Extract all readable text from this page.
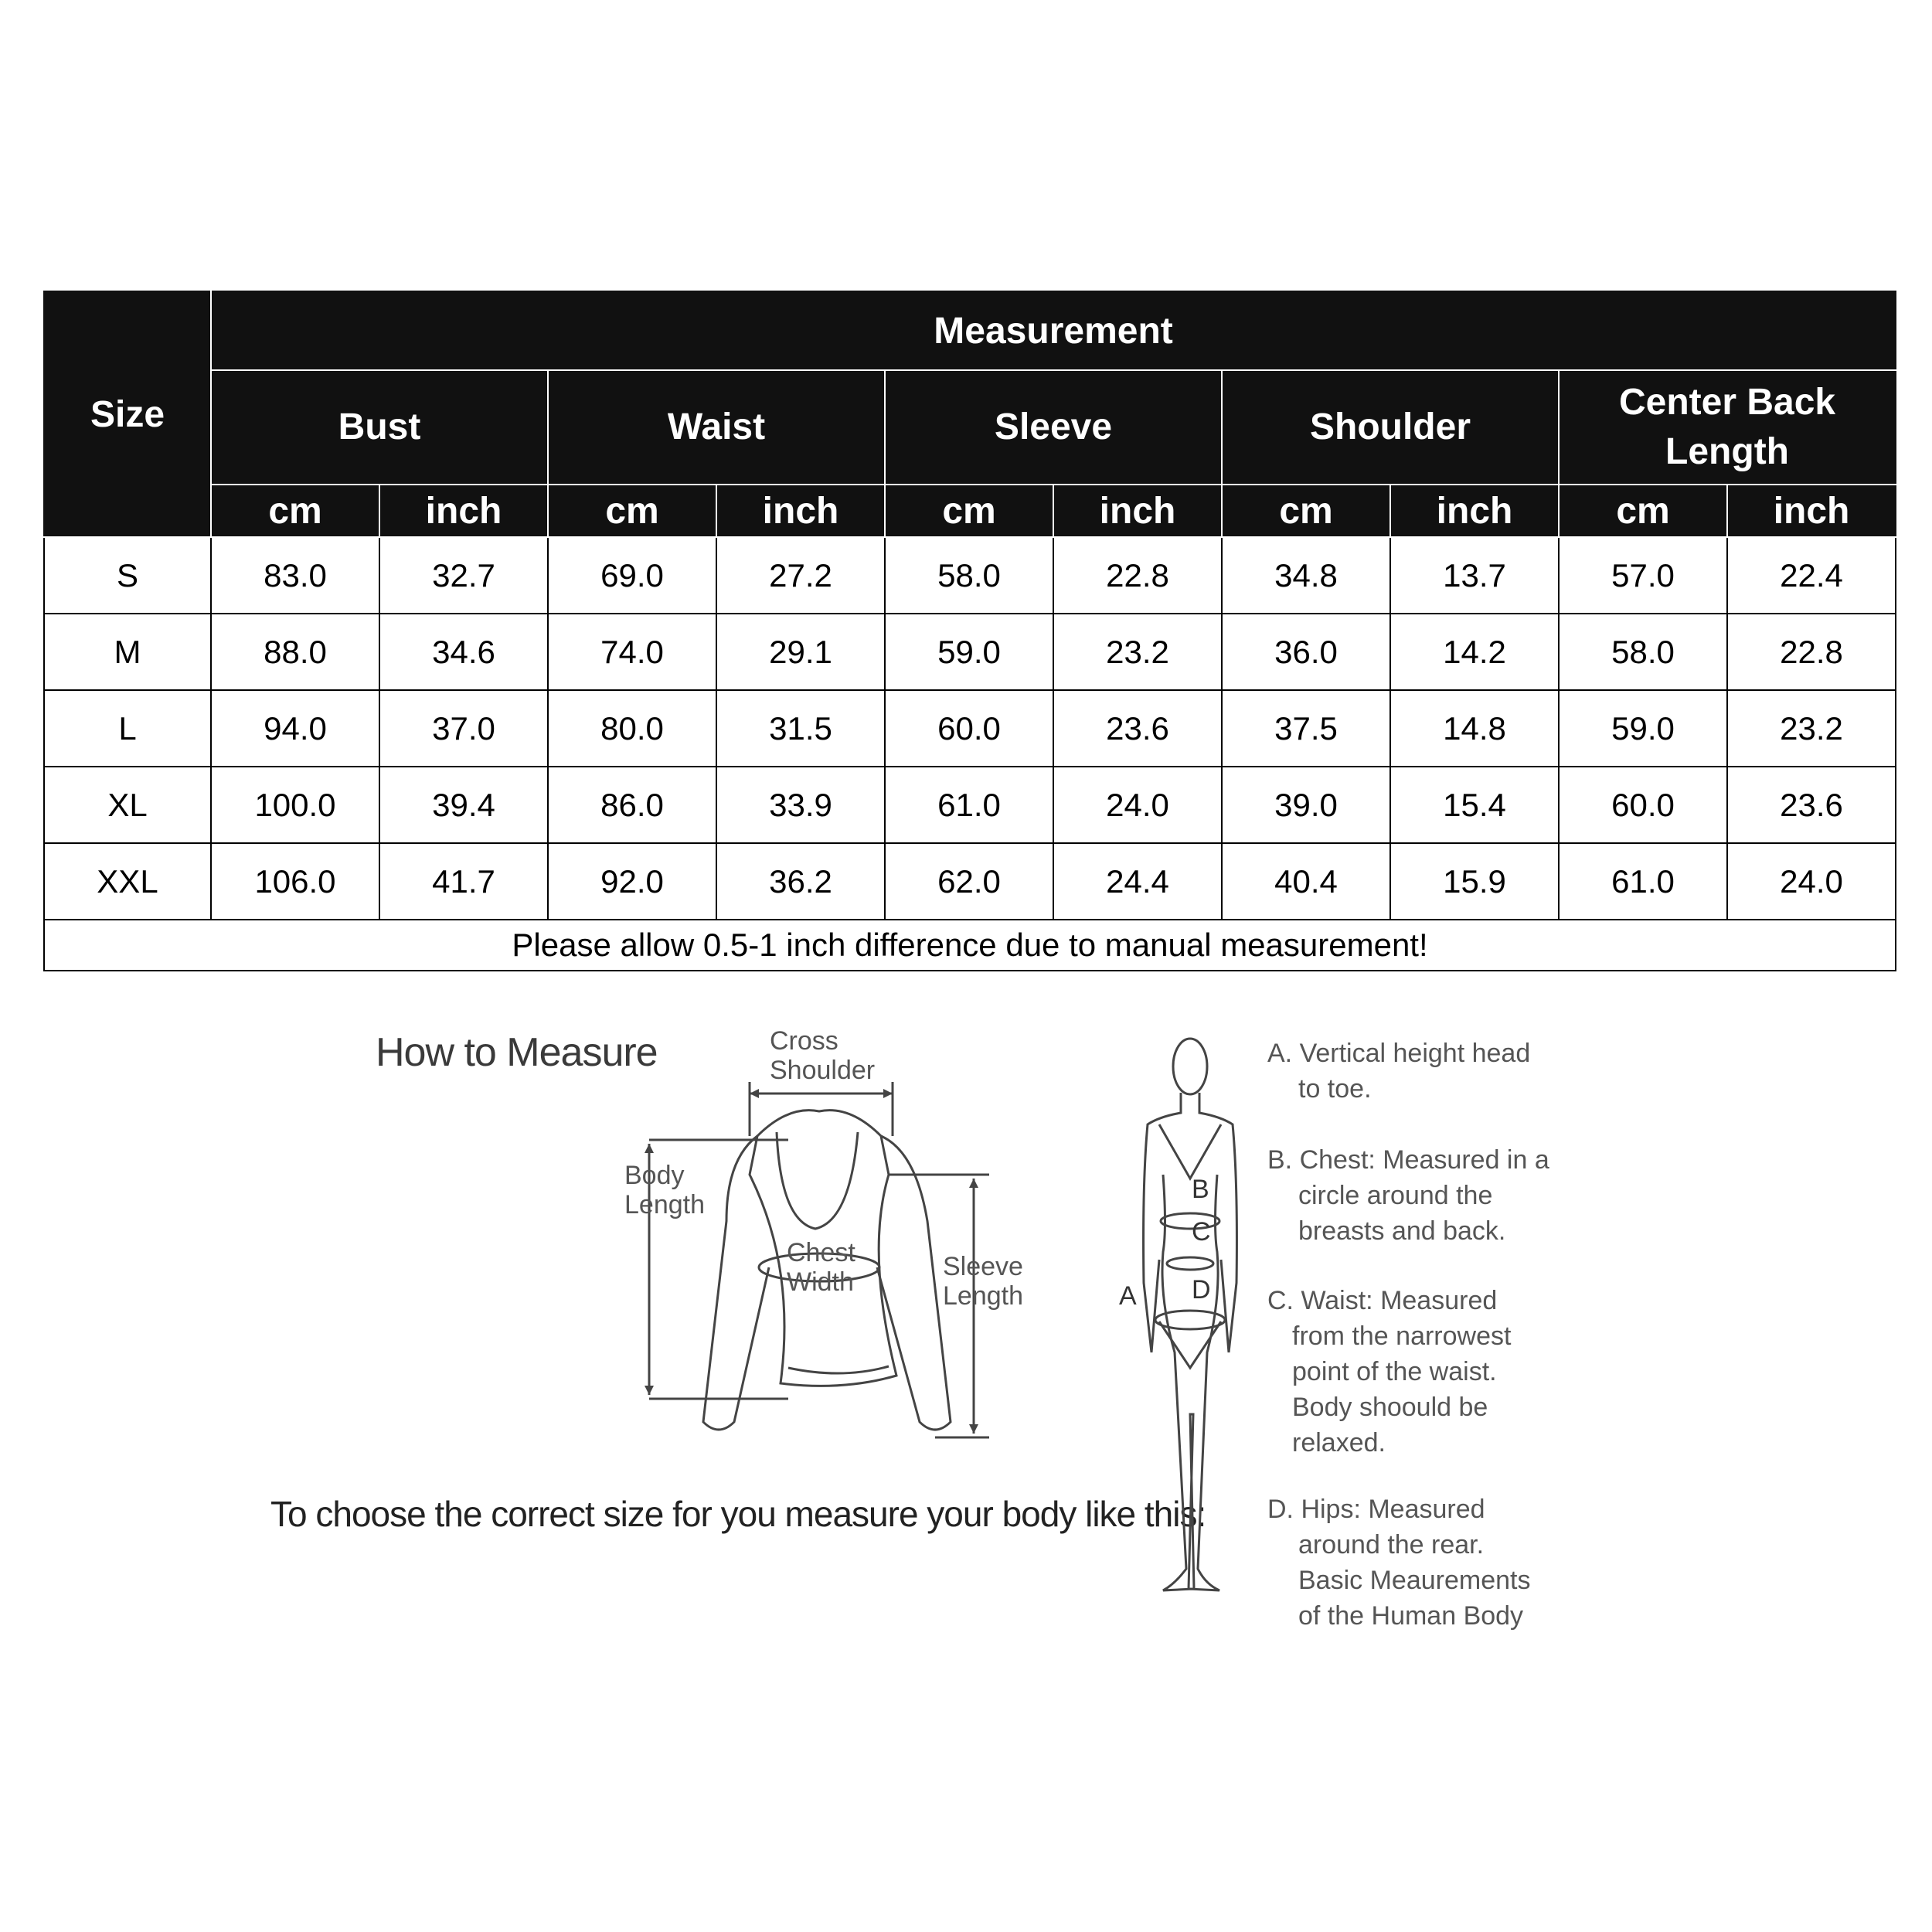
Size	Measurement									
	Bust		Waist		Sleeve		Shoulder		Center Back Length	
	cm	inch	cm	inch	cm	inch	cm	inch	cm	inch
S	83.0	32.7	69.0	27.2	58.0	22.8	34.8	13.7	57.0	22.4
M	88.0	34.6	74.0	29.1	59.0	23.2	36.0	14.2	58.0	22.8
L	94.0	37.0	80.0	31.5	60.0	23.6	37.5	14.8	59.0	23.2
XL	100.0	39.4	86.0	33.9	61.0	24.0	39.0	15.4	60.0	23.6
XXL	106.0	41.7	92.0	36.2	62.0	24.4	40.4	15.9	61.0	24.0
Please allow 0.5-1 inch difference due to manual measurement!										
How to Measure	Cross
Shoulder
Body
Length
Chest
Width
Sleeve
Length
To choose the correct size for you measure your body like this:
B
C
D
A
A. Vertical height head
to toe.
B. Chest: Measured in a
circle around the
breasts and back.
C. Waist: Measured
from the narrowest
point of the waist.
Body shoould be
relaxed.
D. Hips: Measured
around the rear.
Basic Meaurements
of the Human Body
